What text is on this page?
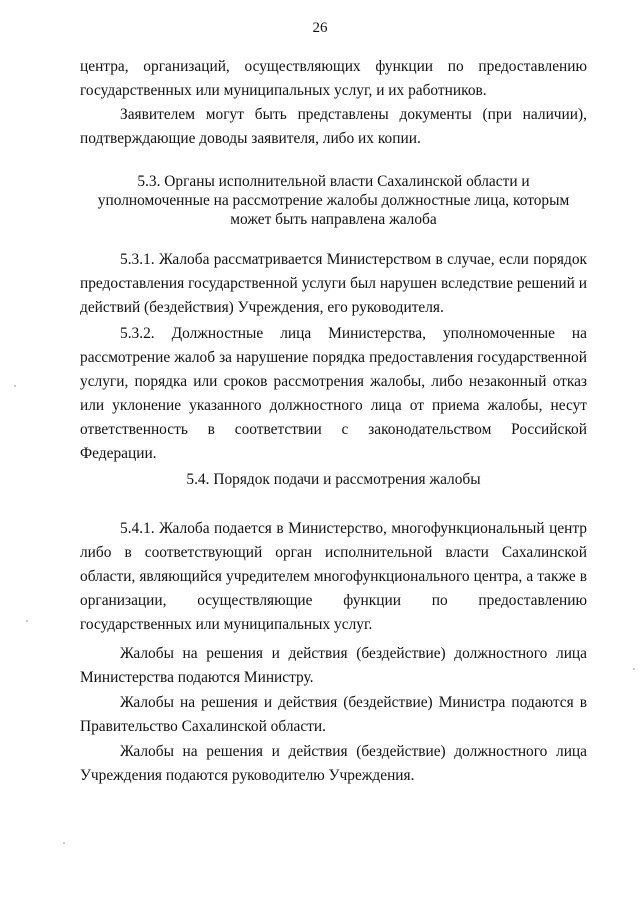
26

центра, организаций, осуществляющих функции по предоставлению государственных или муниципальных услуг, и их работников.

Заявителем могут быть представлены документы (при наличии), подтверждающие доводы заявителя, либо их копии.

5.3. Органы исполнительной власти Сахалинской области и уполномоченные на рассмотрение жалобы должностные лица, которым может быть направлена жалоба

5.3.1. Жалоба рассматривается Министерством в случае, если порядок предоставления государственной услуги был нарушен вследствие решений и действий (бездействия) Учреждения, его руководителя.

5.3.2. Должностные лица Министерства, уполномоченные на рассмотрение жалоб за нарушение порядка предоставления государственной услуги, порядка или сроков рассмотрения жалобы, либо незаконный отказ или уклонение указанного должностного лица от приема жалобы, несут ответственность в соответствии с законодательством Российской Федерации.

5.4. Порядок подачи и рассмотрения жалобы

5.4.1. Жалоба подается в Министерство, многофункциональный центр либо в соответствующий орган исполнительной власти Сахалинской области, являющийся учредителем многофункционального центра, а также в организации, осуществляющие функции по предоставлению государственных или муниципальных услуг.

Жалобы на решения и действия (бездействие) должностного лица Министерства подаются Министру.

Жалобы на решения и действия (бездействие) Министра подаются в Правительство Сахалинской области.

Жалобы на решения и действия (бездействие) должностного лица Учреждения подаются руководителю Учреждения.
